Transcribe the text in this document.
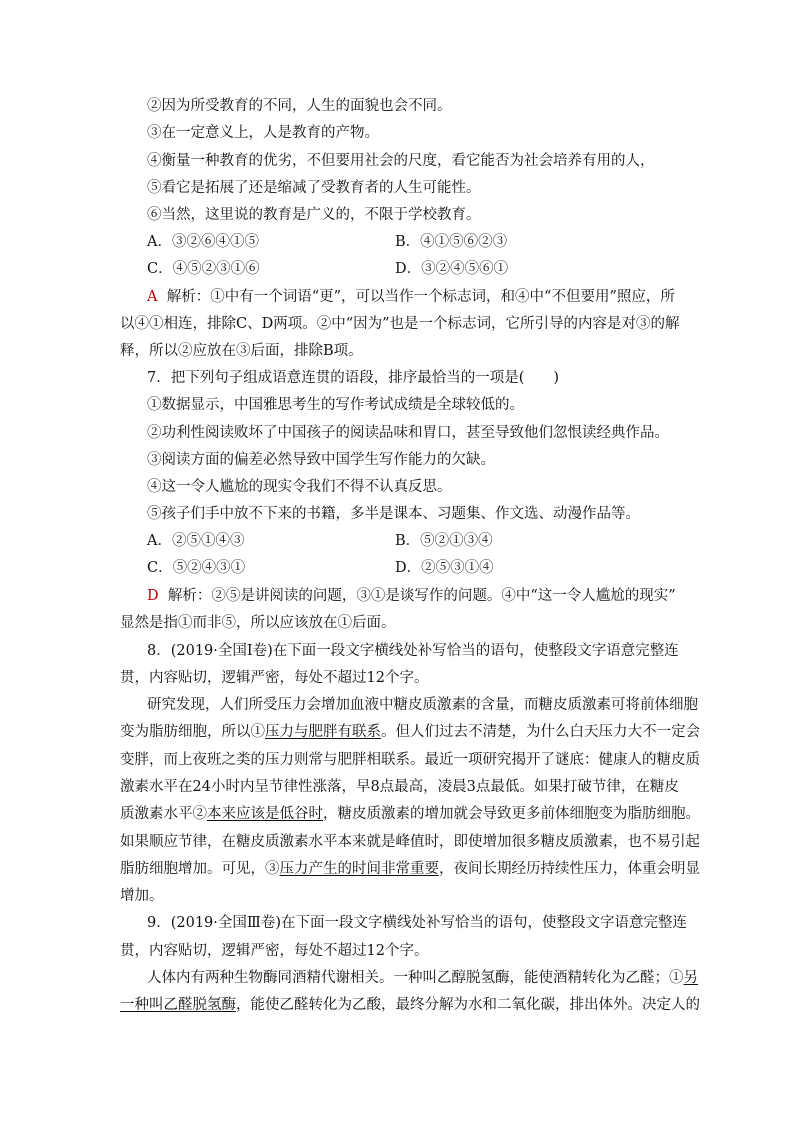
②因为所受教育的不同，人生的面貌也会不同。
③在一定意义上，人是教育的产物。
④衡量一种教育的优劣，不但要用社会的尺度，看它能否为社会培养有用的人，
⑤看它是拓展了还是缩减了受教育者的人生可能性。
⑥当然，这里说的教育是广义的，不限于学校教育。
A．③②⑥④①⑤	B．④①⑤⑥②③
C．④⑤②③①⑥	D．③②④⑤⑥①
A 解析：①中有一个词语“更”，可以当作一个标志词，和④中“不但要用”照应，所
以④①相连，排除C、D两项。②中“因为”也是一个标志词，它所引导的内容是对③的解
释，所以②应放在③后面，排除B项。
7．把下列句子组成语意连贯的语段，排序最恰当的一项是(　　)
①数据显示，中国雅思考生的写作考试成绩是全球较低的。
②功利性阅读败坏了中国孩子的阅读品味和胃口，甚至导致他们忽恨读经典作品。
③阅读方面的偏差必然导致中国学生写作能力的欠缺。
④这一令人尴尬的现实令我们不得不认真反思。
⑤孩子们手中放不下来的书籍，多半是课本、习题集、作文选、动漫作品等。
A．②⑤①④③	B．⑤②①③④
C．⑤②④③①	D．②⑤③①④
D 解析：②⑤是讲阅读的问题，③①是谈写作的问题。④中“这一令人尴尬的现实”
显然是指①而非⑤，所以应该放在①后面。
8．(2019·全国Ⅰ卷)在下面一段文字横线处补写恰当的语句，使整段文字语意完整连
贯，内容贴切，逻辑严密，每处不超过12个字。
研究发现，人们所受压力会增加血液中糖皮质激素的含量，而糖皮质激素可将前体细胞
变为脂肪细胞，所以①压力与肥胖有联系。但人们过去不清楚，为什么白天压力大不一定会
变胖，而上夜班之类的压力则常与肥胖相联系。最近一项研究揭开了谜底：健康人的糖皮质
激素水平在24小时内呈节律性涨落，早8点最高，凌晨3点最低。如果打破节律，在糖皮
质激素水平②本来应该是低谷时，糖皮质激素的增加就会导致更多前体细胞变为脂肪细胞。
如果顺应节律，在糖皮质激素水平本来就是峰值时，即使增加很多糖皮质激素，也不易引起
脂肪细胞增加。可见，③压力产生的时间非常重要，夜间长期经历持续性压力，体重会明显
增加。
9．(2019·全国Ⅲ卷)在下面一段文字横线处补写恰当的语句，使整段文字语意完整连
贯，内容贴切，逻辑严密，每处不超过12个字。
人体内有两种生物酶同酒精代谢相关。一种叫乙醇脱氢酶，能使酒精转化为乙醛；①另
一种叫乙醛脱氢酶，能使乙醛转化为乙酸，最终分解为水和二氧化碳，排出体外。决定人的
